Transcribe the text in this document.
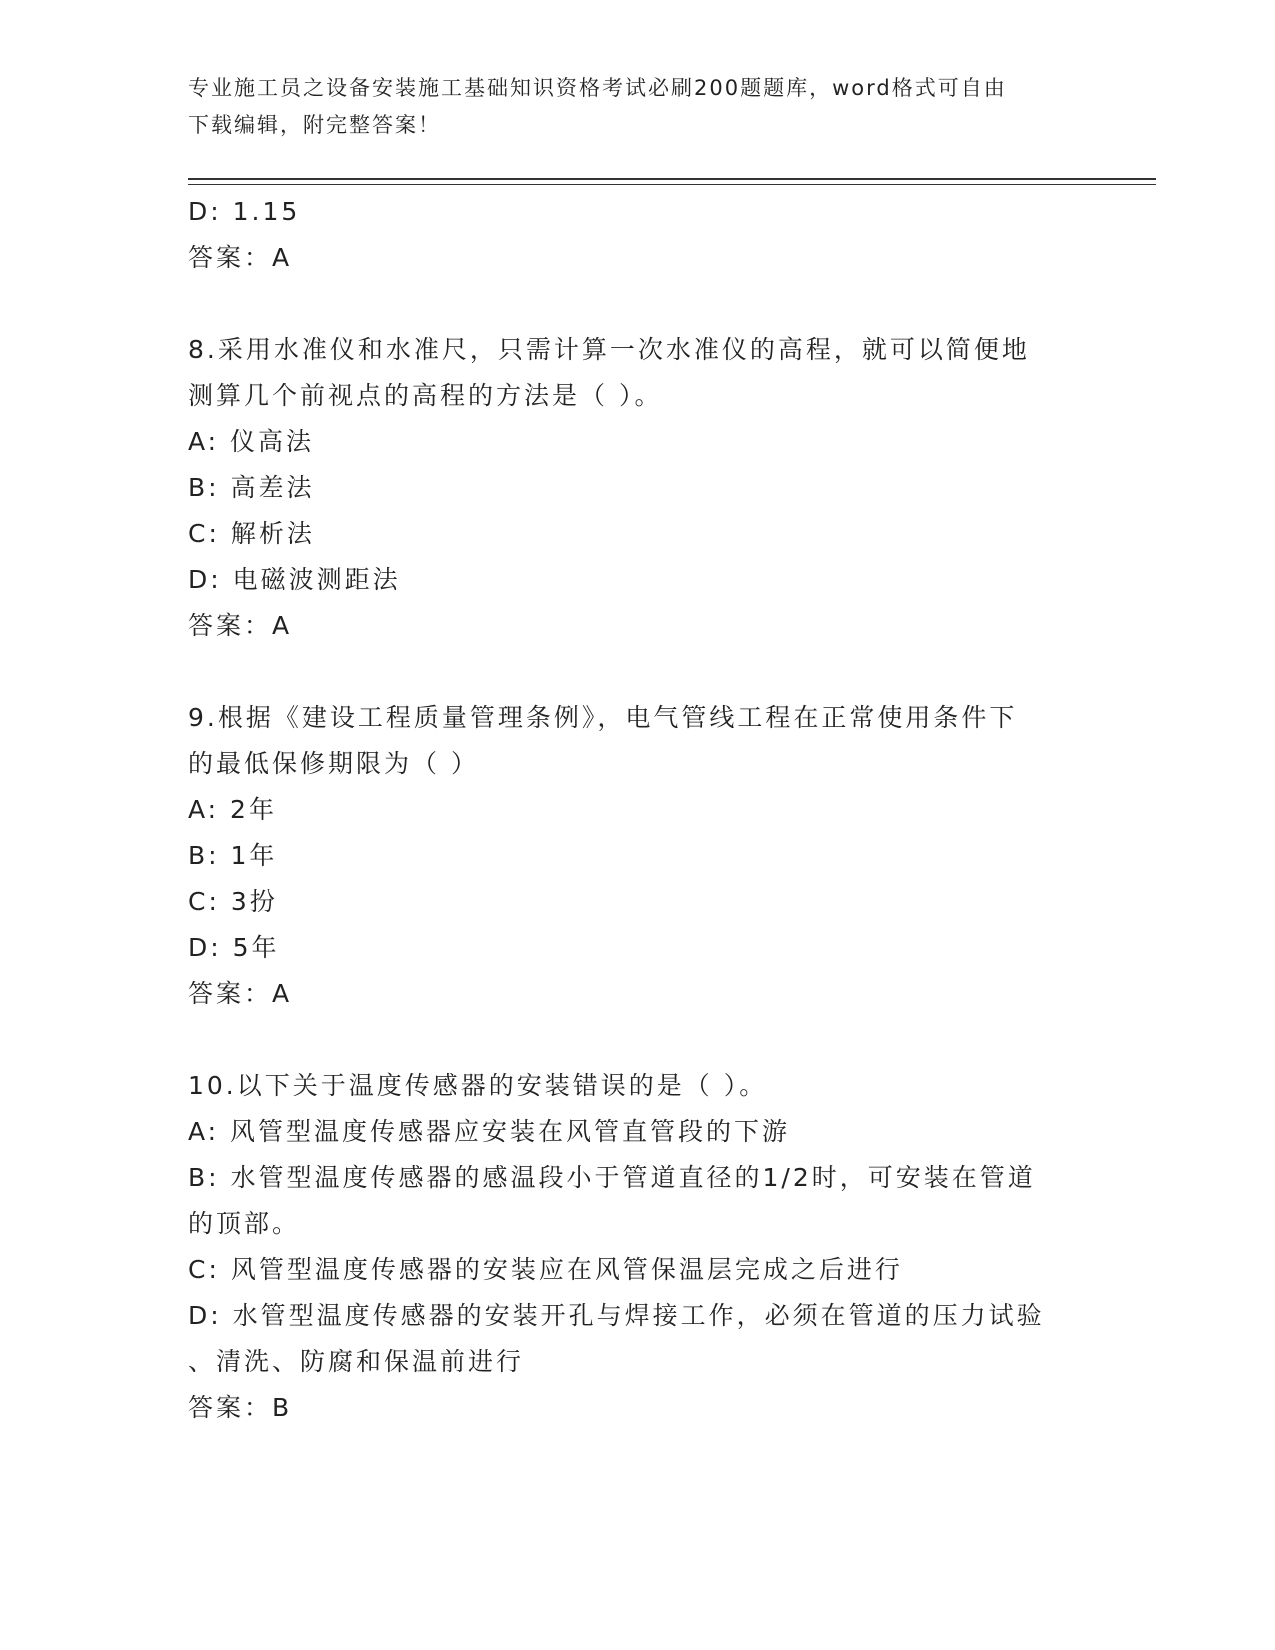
专业施工员之设备安装施工基础知识资格考试必刷200题题库，word格式可自由
下载编辑，附完整答案！
D: 1.15
答案：A
8.采用水准仪和水准尺，只需计算一次水准仪的高程，就可以简便地
测算几个前视点的高程的方法是（ ）。
A: 仪高法
B: 高差法
C: 解析法
D: 电磁波测距法
答案：A
9.根据《建设工程质量管理条例》，电气管线工程在正常使用条件下
的最低保修期限为（ ）
A: 2年
B: 1年
C: 3扮
D: 5年
答案：A
10.以下关于温度传感器的安装错误的是（ ）。
A: 风管型温度传感器应安装在风管直管段的下游
B: 水管型温度传感器的感温段小于管道直径的1/2时，可安装在管道
的顶部。
C: 风管型温度传感器的安装应在风管保温层完成之后进行
D: 水管型温度传感器的安装开孔与焊接工作，必须在管道的压力试验
、清洗、防腐和保温前进行
答案：B
